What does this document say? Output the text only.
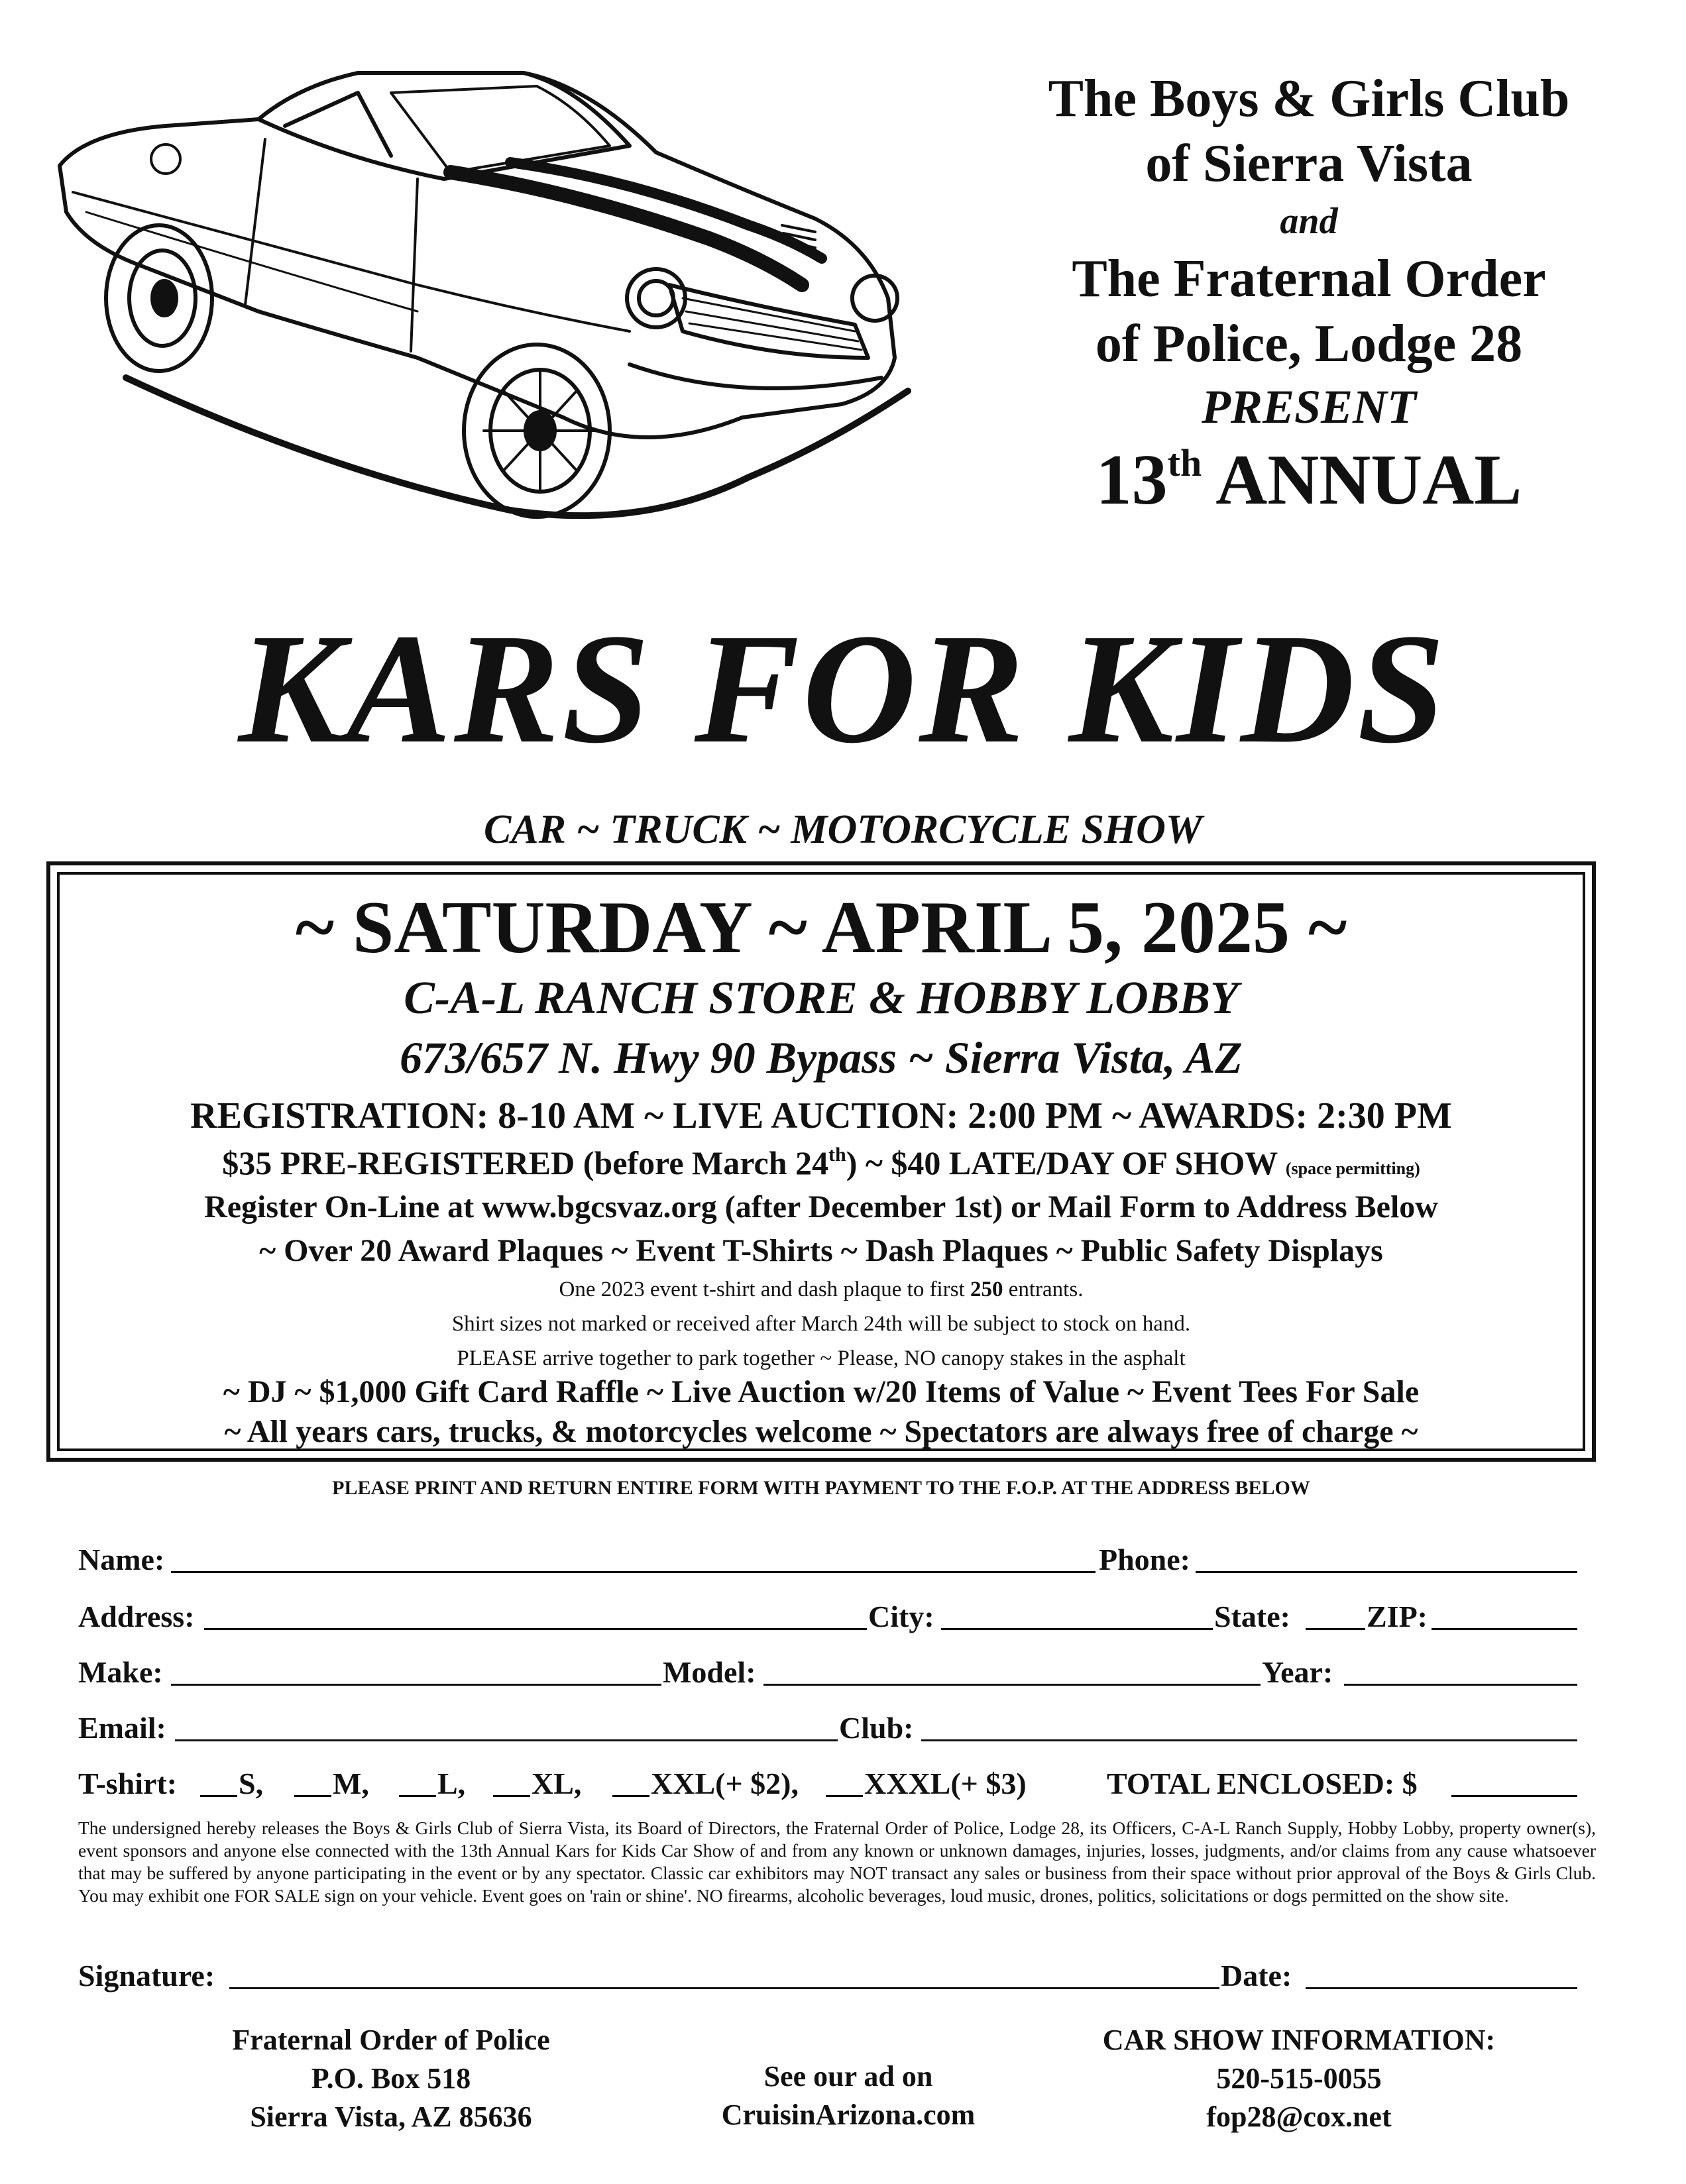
The Boys & Girls Club
of Sierra Vista
and
The Fraternal Order
of Police, Lodge 28
PRESENT
13th ANNUAL
KARS FOR KIDS
CAR ~ TRUCK ~ MOTORCYCLE SHOW
~ SATURDAY ~ APRIL 5, 2025 ~
C-A-L RANCH STORE & HOBBY LOBBY
673/657 N. Hwy 90 Bypass ~ Sierra Vista, AZ
REGISTRATION: 8-10 AM ~ LIVE AUCTION: 2:00 PM ~ AWARDS: 2:30 PM
$35 PRE-REGISTERED (before March 24th) ~ $40 LATE/DAY OF SHOW (space permitting)
Register On-Line at www.bgcsvaz.org (after December 1st) or Mail Form to Address Below
~ Over 20 Award Plaques ~ Event T-Shirts ~ Dash Plaques ~ Public Safety Displays
One 2023 event t-shirt and dash plaque to first 250 entrants.
Shirt sizes not marked or received after March 24th will be subject to stock on hand.
PLEASE arrive together to park together ~ Please, NO canopy stakes in the asphalt
~ DJ ~ $1,000 Gift Card Raffle ~ Live Auction w/20 Items of Value ~ Event Tees For Sale
~ All years cars, trucks, & motorcycles welcome ~ Spectators are always free of charge ~
PLEASE PRINT AND RETURN ENTIRE FORM WITH PAYMENT TO THE F.O.P. AT THE ADDRESS BELOW
Name:	Phone:
Address:	City:	State:	ZIP:
Make:	Model:	Year:
Email:	Club:
T-shirt: S, M, L, XL, XXL(+ $2), XXXL(+ $3)	TOTAL ENCLOSED: $
The undersigned hereby releases the Boys & Girls Club of Sierra Vista, its Board of Directors, the Fraternal Order of Police, Lodge 28, its Officers, C-A-L Ranch Supply, Hobby Lobby, property owner(s), event sponsors and anyone else connected with the 13th Annual Kars for Kids Car Show of and from any known or unknown damages, injuries, losses, judgments, and/or claims from any cause whatsoever that may be suffered by anyone participating in the event or by any spectator. Classic car exhibitors may NOT transact any sales or business from their space without prior approval of the Boys & Girls Club. You may exhibit one FOR SALE sign on your vehicle. Event goes on 'rain or shine'. NO firearms, alcoholic beverages, loud music, drones, politics, solicitations or dogs permitted on the show site.
Signature:	Date:
Fraternal Order of Police
P.O. Box 518
Sierra Vista, AZ 85636
See our ad on
CruisinArizona.com
CAR SHOW INFORMATION:
520-515-0055
fop28@cox.net
